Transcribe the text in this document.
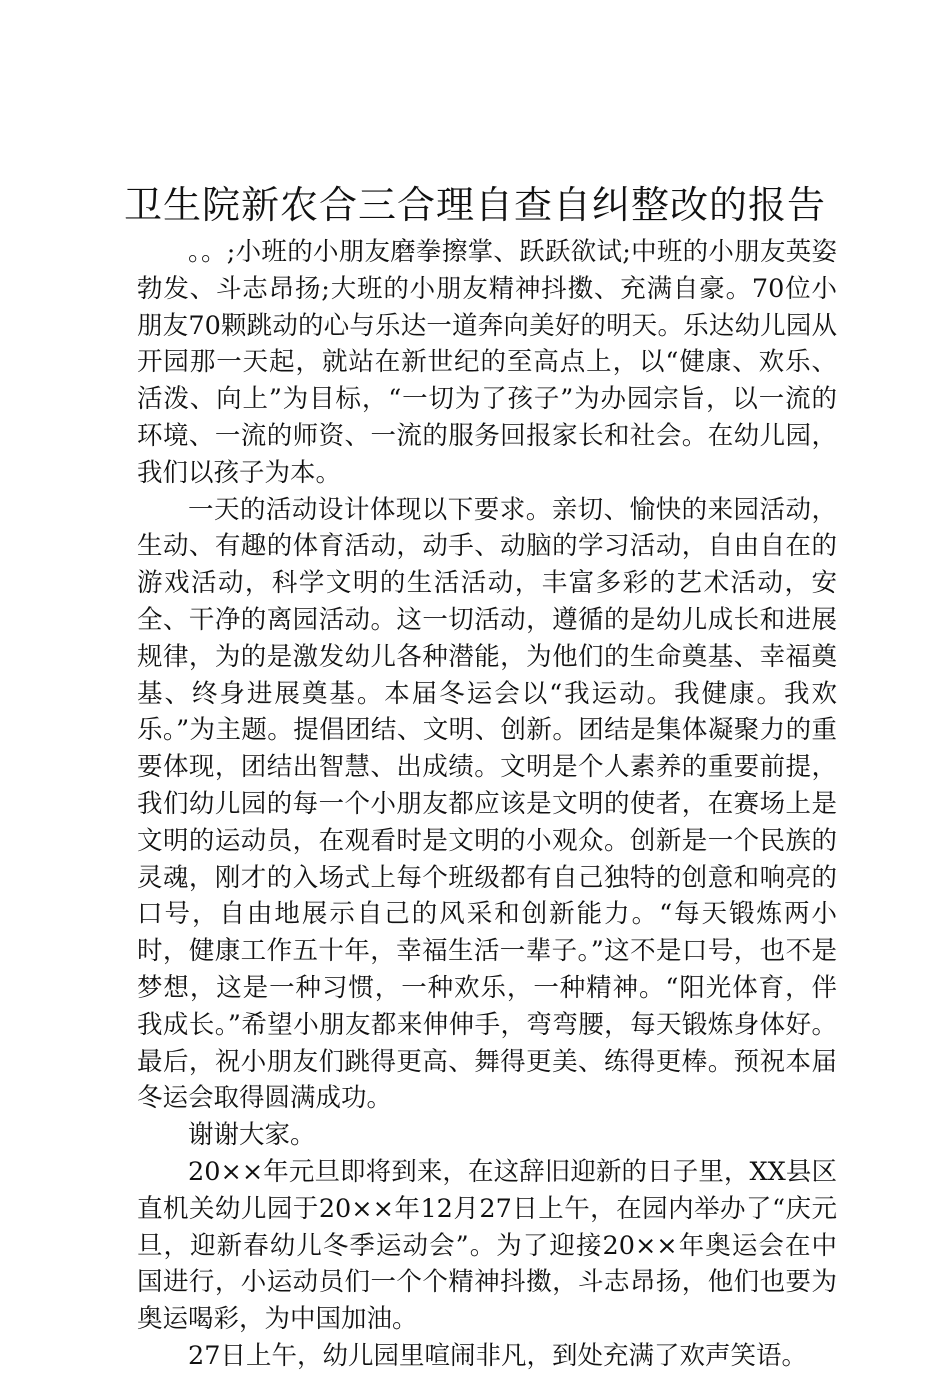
卫生院新农合三合理自查自纠整改的报告

。。;小班的小朋友磨拳擦掌、跃跃欲试;中班的小朋友英姿勃发、斗志昂扬;大班的小朋友精神抖擞、充满自豪。70位小朋友70颗跳动的心与乐达一道奔向美好的明天。乐达幼儿园从开园那一天起，就站在新世纪的至高点上，以“健康、欢乐、活泼、向上”为目标，“一切为了孩子”为办园宗旨，以一流的环境、一流的师资、一流的服务回报家长和社会。在幼儿园，我们以孩子为本。

一天的活动设计体现以下要求。亲切、愉快的来园活动，生动、有趣的体育活动，动手、动脑的学习活动，自由自在的游戏活动，科学文明的生活活动，丰富多彩的艺术活动，安全、干净的离园活动。这一切活动，遵循的是幼儿成长和进展规律，为的是激发幼儿各种潜能，为他们的生命奠基、幸福奠基、终身进展奠基。本届冬运会以“我运动。我健康。我欢乐。”为主题。提倡团结、文明、创新。团结是集体凝聚力的重要体现，团结出智慧、出成绩。文明是个人素养的重要前提，我们幼儿园的每一个小朋友都应该是文明的使者，在赛场上是文明的运动员，在观看时是文明的小观众。创新是一个民族的灵魂，刚才的入场式上每个班级都有自己独特的创意和响亮的口号，自由地展示自己的风采和创新能力。“每天锻炼两小时，健康工作五十年，幸福生活一辈子。”这不是口号，也不是梦想，这是一种习惯，一种欢乐，一种精神。“阳光体育，伴我成长。”希望小朋友都来伸伸手，弯弯腰，每天锻炼身体好。最后，祝小朋友们跳得更高、舞得更美、练得更棒。预祝本届冬运会取得圆满成功。

谢谢大家。

20××年元旦即将到来，在这辞旧迎新的日子里，XX县区直机关幼儿园于20××年12月27日上午，在园内举办了“庆元旦，迎新春幼儿冬季运动会”。为了迎接20××年奥运会在中国进行，小运动员们一个个精神抖擞，斗志昂扬，他们也要为奥运喝彩，为中国加油。

27日上午，幼儿园里喧闹非凡，到处充满了欢声笑语。
